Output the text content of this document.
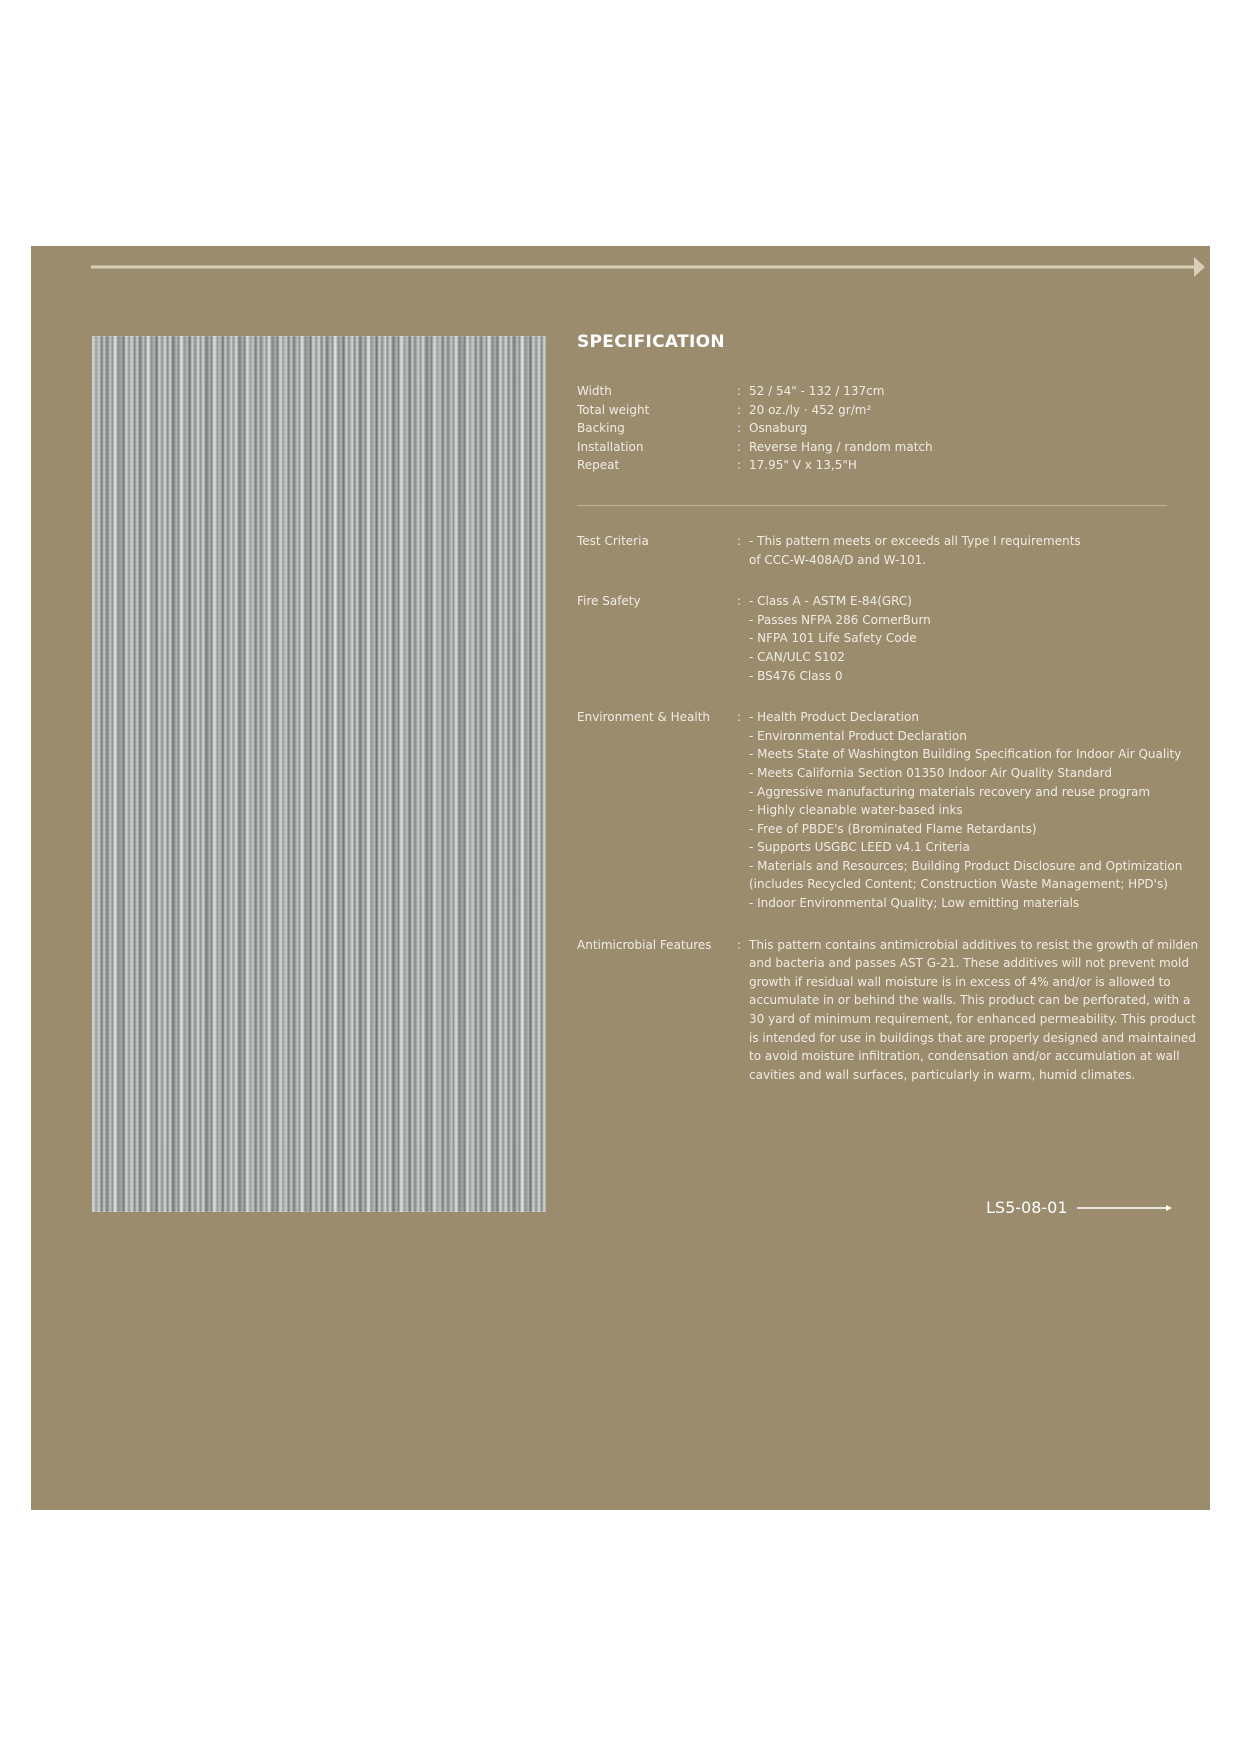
SPECIFICATION
Width	: 52 / 54" - 132 / 137cm
Total weight	: 20 oz./ly · 452 gr/m²
Backing	: Osnaburg
Installation	: Reverse Hang / random match
Repeat	: 17.95" V x 13,5"H
Test Criteria	: - This pattern meets or exceeds all Type I requirements
of CCC-W-408A/D and W-101.
Fire Safety	: - Class A - ASTM E-84(GRC)
- Passes NFPA 286 CornerBurn
- NFPA 101 Life Safety Code
- CAN/ULC S102
- BS476 Class 0
Environment & Health	: - Health Product Declaration
- Environmental Product Declaration
- Meets State of Washington Building Specification for Indoor Air Quality
- Meets California Section 01350 Indoor Air Quality Standard
- Aggressive manufacturing materials recovery and reuse program
- Highly cleanable water-based inks
- Free of PBDE's (Brominated Flame Retardants)
- Supports USGBC LEED v4.1 Criteria
- Materials and Resources; Building Product Disclosure and Optimization
(includes Recycled Content; Construction Waste Management; HPD's)
- Indoor Environmental Quality; Low emitting materials
Antimicrobial Features	: This pattern contains antimicrobial additives to resist the growth of milden and bacteria and passes AST G-21. These additives will not prevent mold growth if residual wall moisture is in excess of 4% and/or is allowed to accumulate in or behind the walls. This product can be perforated, with a 30 yard of minimum requirement, for enhanced permeability. This product is intended for use in buildings that are properly designed and maintained to avoid moisture infiltration, condensation and/or accumulation at wall cavities and wall surfaces, particularly in warm, humid climates.
LS5-08-01
